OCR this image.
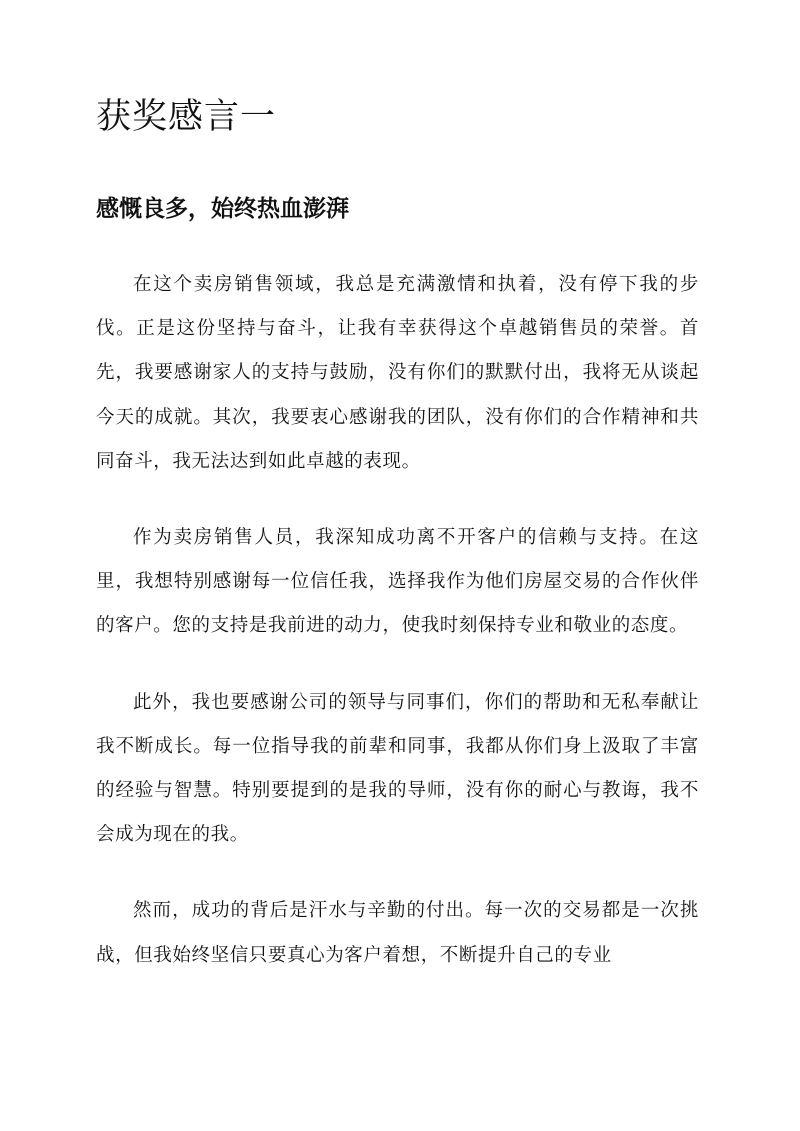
获奖感言一
感慨良多，始终热血澎湃

在这个卖房销售领域，我总是充满激情和执着，没有停下我的步伐。正是这份坚持与奋斗，让我有幸获得这个卓越销售员的荣誉。首先，我要感谢家人的支持与鼓励，没有你们的默默付出，我将无从谈起今天的成就。其次，我要衷心感谢我的团队，没有你们的合作精神和共同奋斗，我无法达到如此卓越的表现。

作为卖房销售人员，我深知成功离不开客户的信赖与支持。在这里，我想特别感谢每一位信任我，选择我作为他们房屋交易的合作伙伴的客户。您的支持是我前进的动力，使我时刻保持专业和敬业的态度。

此外，我也要感谢公司的领导与同事们，你们的帮助和无私奉献让我不断成长。每一位指导我的前辈和同事，我都从你们身上汲取了丰富的经验与智慧。特别要提到的是我的导师，没有你的耐心与教诲，我不会成为现在的我。

然而，成功的背后是汗水与辛勤的付出。每一次的交易都是一次挑战，但我始终坚信只要真心为客户着想，不断提升自己的专业
